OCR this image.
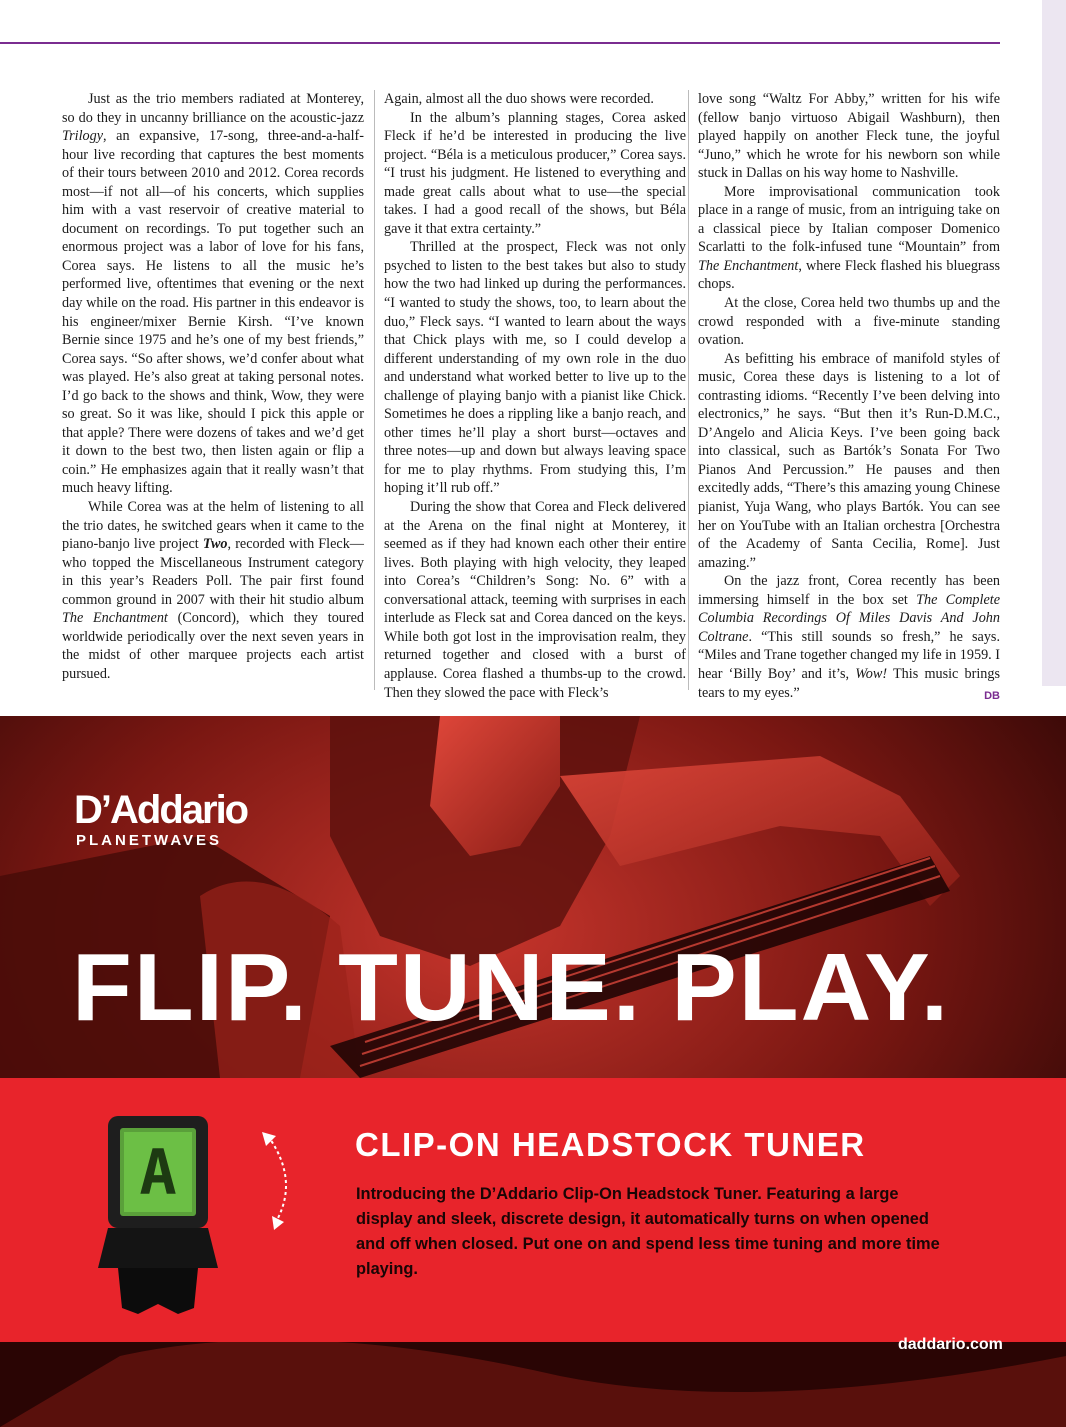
Just as the trio members radiated at Monterey, so do they in uncanny brilliance on the acoustic-jazz Trilogy, an expansive, 17-song, three-and-a-half-hour live recording that captures the best moments of their tours between 2010 and 2012. Corea records most—if not all—of his concerts, which supplies him with a vast reservoir of creative material to document on recordings. To put together such an enormous project was a labor of love for his fans, Corea says. He listens to all the music he’s performed live, oftentimes that evening or the next day while on the road. His partner in this endeavor is his engineer/mixer Bernie Kirsh. “I’ve known Bernie since 1975 and he’s one of my best friends,” Corea says. “So after shows, we’d confer about what was played. He’s also great at taking personal notes. I’d go back to the shows and think, Wow, they were so great. So it was like, should I pick this apple or that apple? There were dozens of takes and we’d get it down to the best two, then listen again or flip a coin.” He emphasizes again that it really wasn’t that much heavy lifting.

While Corea was at the helm of listening to all the trio dates, he switched gears when it came to the piano-banjo live project Two, recorded with Fleck—who topped the Miscellaneous Instrument category in this year’s Readers Poll. The pair first found common ground in 2007 with their hit studio album The Enchantment (Concord), which they toured worldwide periodically over the next seven years in the midst of other marquee projects each artist pursued.

Again, almost all the duo shows were recorded.

In the album’s planning stages, Corea asked Fleck if he’d be interested in producing the live project. “Béla is a meticulous producer,” Corea says. “I trust his judgment. He listened to everything and made great calls about what to use—the special takes. I had a good recall of the shows, but Béla gave it that extra certainty.”

Thrilled at the prospect, Fleck was not only psyched to listen to the best takes but also to study how the two had linked up during the performances. “I wanted to study the shows, too, to learn about the duo,” Fleck says. “I wanted to learn about the ways that Chick plays with me, so I could develop a different understanding of my own role in the duo and understand what worked better to live up to the challenge of playing banjo with a pianist like Chick. Sometimes he does a rippling like a banjo reach, and other times he’ll play a short burst—octaves and three notes—up and down but always leaving space for me to play rhythms. From studying this, I’m hoping it’ll rub off.”

During the show that Corea and Fleck delivered at the Arena on the final night at Monterey, it seemed as if they had known each other their entire lives. Both playing with high velocity, they leaped into Corea’s “Children’s Song: No. 6” with a conversational attack, teeming with surprises in each interlude as Fleck sat and Corea danced on the keys. While both got lost in the improvisation realm, they returned together and closed with a burst of applause. Corea flashed a thumbs-up to the crowd. Then they slowed the pace with Fleck’s

love song “Waltz For Abby,” written for his wife (fellow banjo virtuoso Abigail Washburn), then played happily on another Fleck tune, the joyful “Juno,” which he wrote for his newborn son while stuck in Dallas on his way home to Nashville.

More improvisational communication took place in a range of music, from an intriguing take on a classical piece by Italian composer Domenico Scarlatti to the folk-infused tune “Mountain” from The Enchantment, where Fleck flashed his bluegrass chops.

At the close, Corea held two thumbs up and the crowd responded with a five-minute standing ovation.

As befitting his embrace of manifold styles of music, Corea these days is listening to a lot of contrasting idioms. “Recently I’ve been delving into electronics,” he says. “But then it’s Run-D.M.C., D’Angelo and Alicia Keys. I’ve been going back into classical, such as Bartók’s Sonata For Two Pianos And Percussion.” He pauses and then excitedly adds, “There’s this amazing young Chinese pianist, Yuja Wang, who plays Bartók. You can see her on YouTube with an Italian orchestra [Orchestra of the Academy of Santa Cecilia, Rome]. Just amazing.”

On the jazz front, Corea recently has been immersing himself in the box set The Complete Columbia Recordings Of Miles Davis And John Coltrane. “This still sounds so fresh,” he says. “Miles and Trane together changed my life in 1959. I hear ‘Billy Boy’ and it’s, Wow! This music brings tears to my eyes.”	DB

D’Addario
PLANETWAVES
FLIP. TUNE. PLAY.
A	CLIP-ON HEADSTOCK TUNER
Introducing the D’Addario Clip-On Headstock Tuner. Featuring a large display and sleek, discrete design, it automatically turns on when opened and off when closed. Put one on and spend less time tuning and more time playing.
daddario.com
